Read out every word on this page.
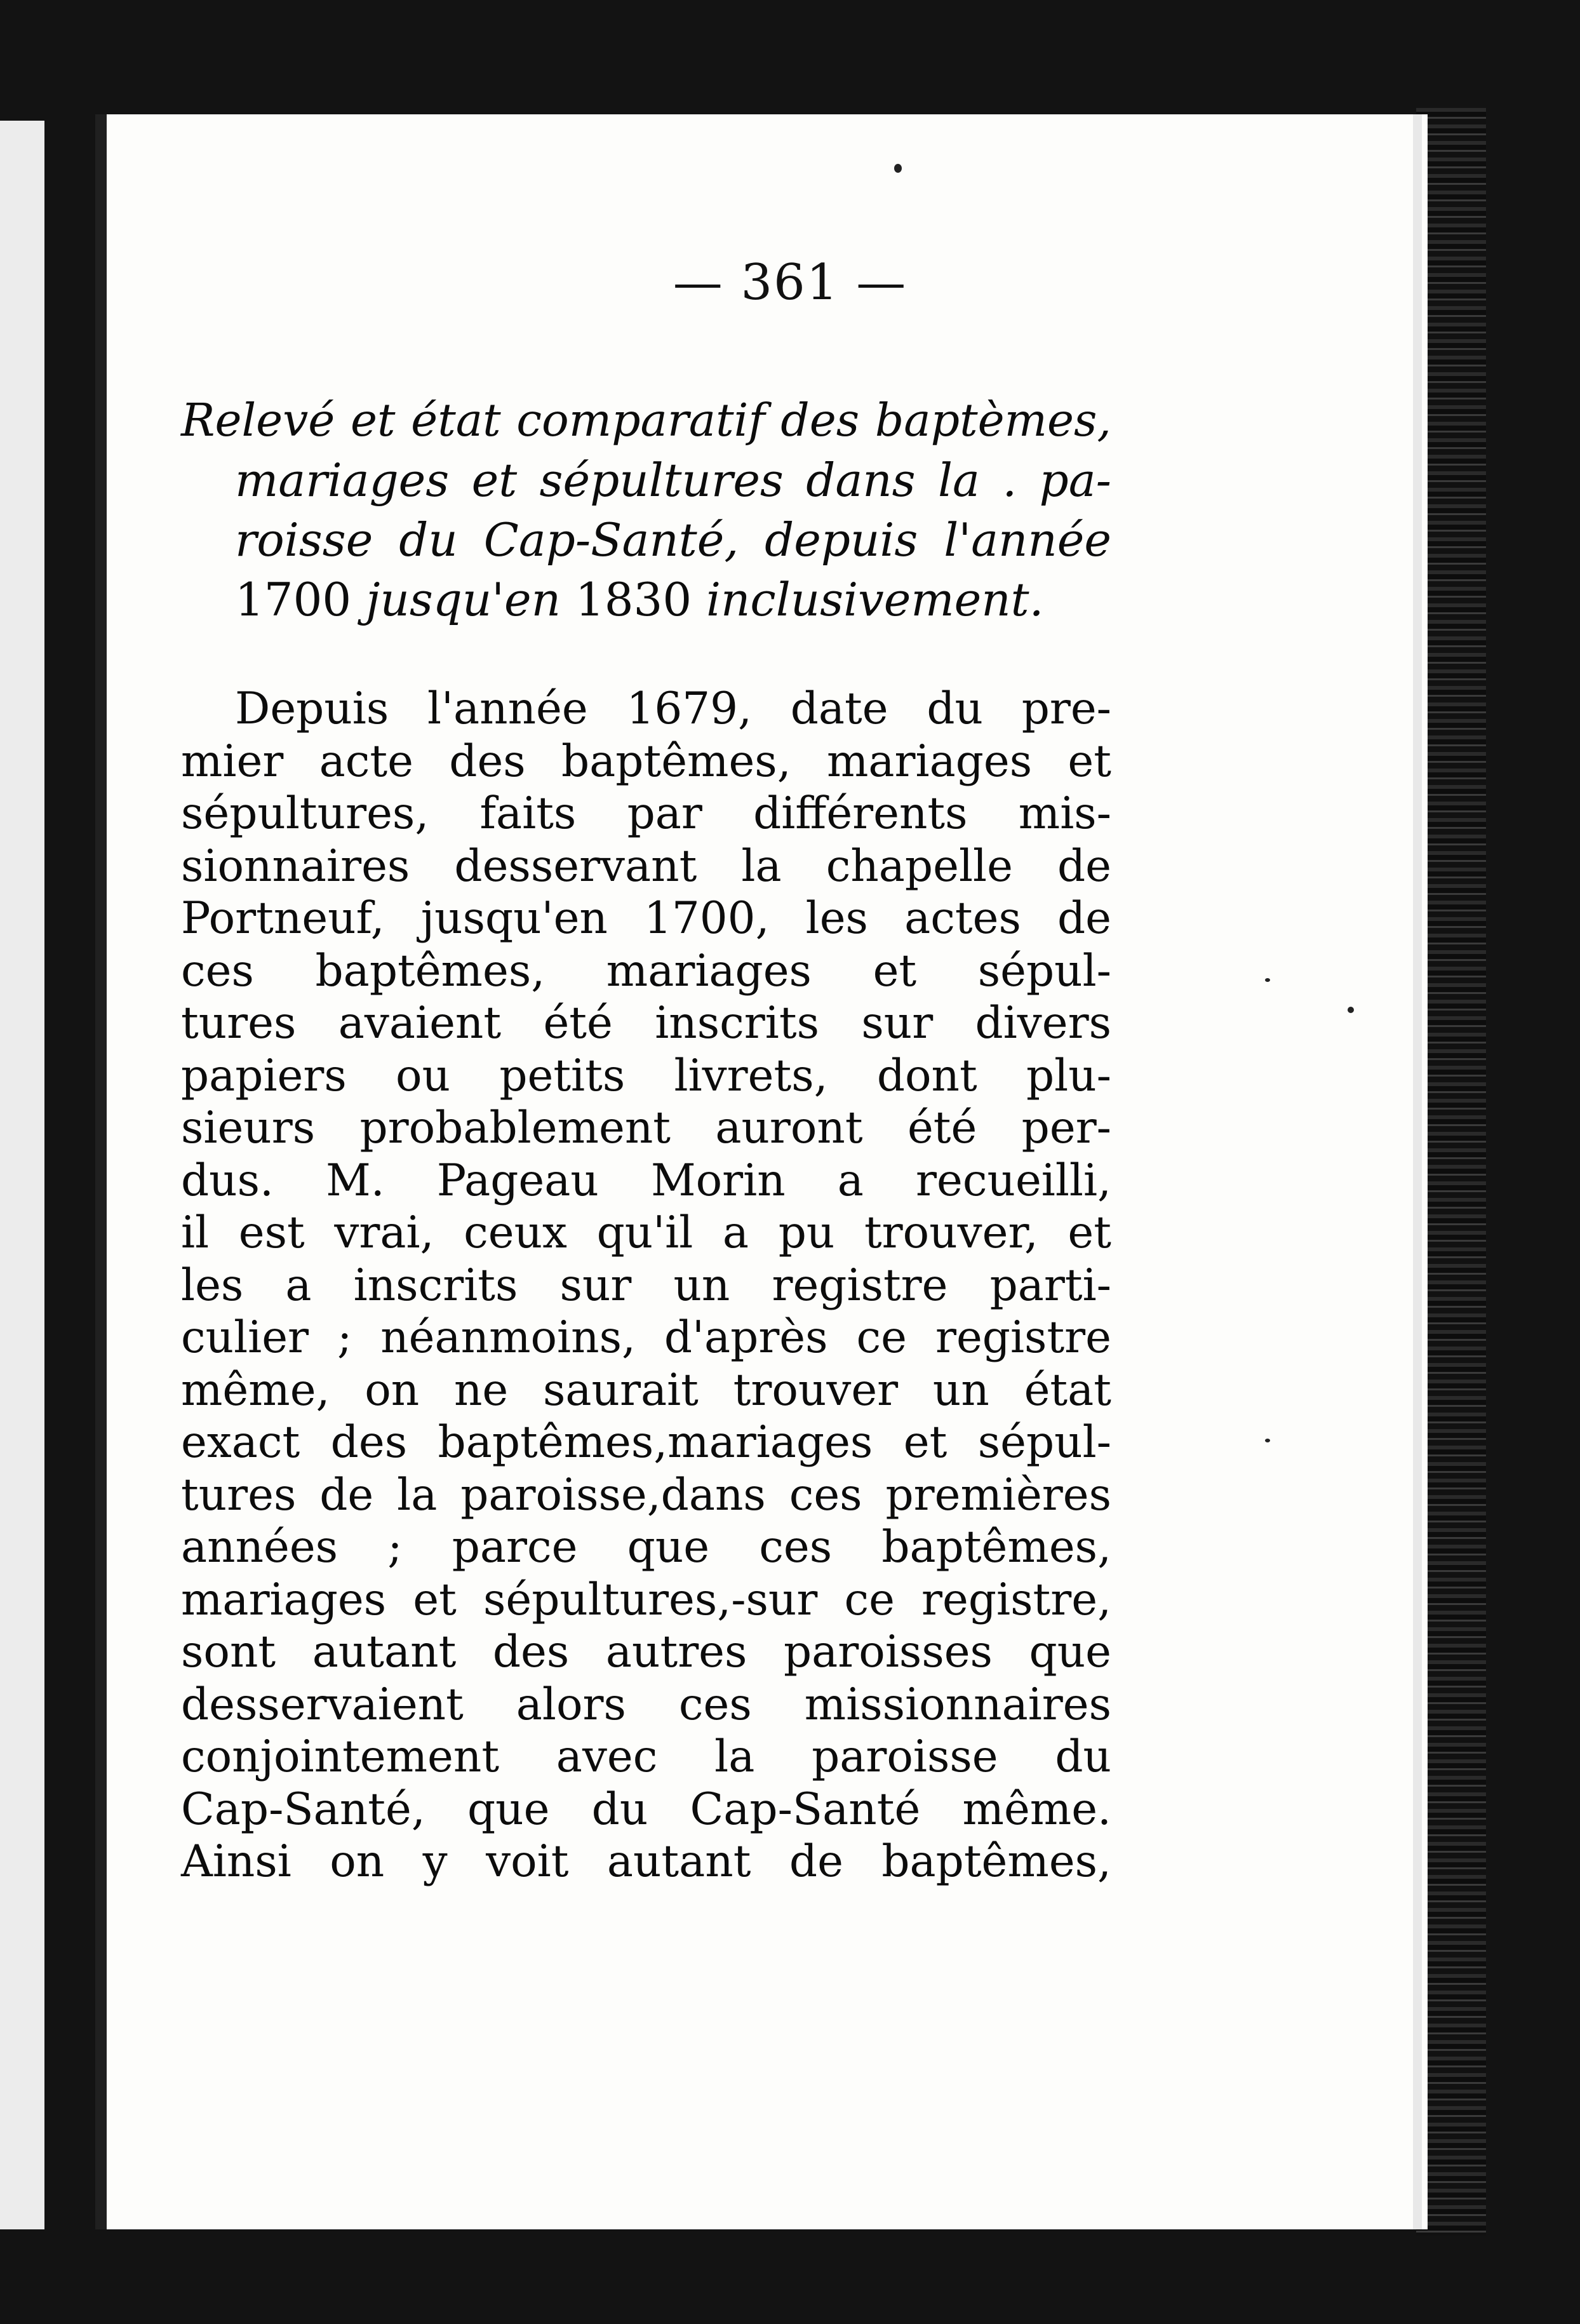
— 361 —
Relevé et état comparatif des baptèmes,
mariages et sépultures dans la . pa-
roisse du Cap-Santé, depuis l'année
1700 jusqu'en 1830 inclusivement.
Depuis l'année 1679, date du pre-
mier acte des baptêmes, mariages et
sépultures, faits par différents mis-
sionnaires desservant la chapelle de
Portneuf, jusqu'en 1700, les actes de
ces baptêmes, mariages et sépul-
tures avaient été inscrits sur divers
papiers ou petits livrets, dont plu-
sieurs probablement auront été per-
dus. M. Pageau Morin a recueilli,
il est vrai, ceux qu'il a pu trouver, et
les a inscrits sur un registre parti-
culier ; néanmoins, d'après ce registre
même, on ne saurait trouver un état
exact des baptêmes,mariages et sépul-
tures de la paroisse,dans ces premières
années ; parce que ces baptêmes,
mariages et sépultures,-sur ce registre,
sont autant des autres paroisses que
desservaient alors ces missionnaires
conjointement avec la paroisse du
Cap-Santé, que du Cap-Santé même.
Ainsi on y voit autant de baptêmes,
